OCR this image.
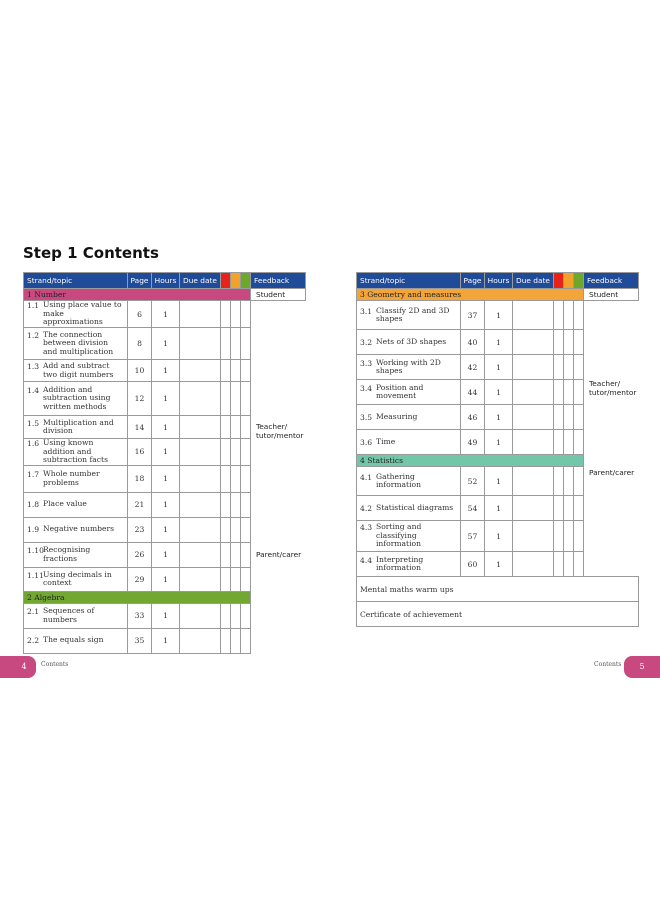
Step 1 Contents
Strand/topic	Page	Hours	Due date				Feedback
1 Number							Student
Teacher/
tutor/mentor
Parent/carer

1.1 Using place value to make approximations	6	1					
1.2 The connection between division and multiplication	8	1					
1.3 Add and subtract two digit numbers	10	1					
1.4 Addition and subtraction using written methods	12	1					
1.5 Multiplication and division	14	1					
1.6 Using known addition and subtraction facts	16	1					
1.7 Whole number problems	18	1					
1.8 Place value	21	1					
1.9 Negative numbers	23	1					
1.10Recognising fractions	26	1					
1.11Using decimals in context	29	1					
2 Algebra							
2.1 Sequences of numbers	33	1					
2.2 The equals sign	35	1					
Strand/topic	Page	Hours	Due date				Feedback
3 Geometry and measures							Student
Teacher/
tutor/mentor
Parent/carer

3.1 Classify 2D and 3D shapes	37	1					
3.2 Nets of 3D shapes	40	1					
3.3 Working with 2D shapes	42	1					
3.4 Position and movement	44	1					
3.5 Measuring	46	1					
3.6 Time	49	1					
4 Statistics							
4.1 Gathering information	52	1					
4.2 Statistical diagrams	54	1					
4.3 Sorting and classifying information	57	1					
4.4 Interpreting information	60	1					
Mental maths warm ups							
Certificate of achievement							
4	Contents	Contents	5
